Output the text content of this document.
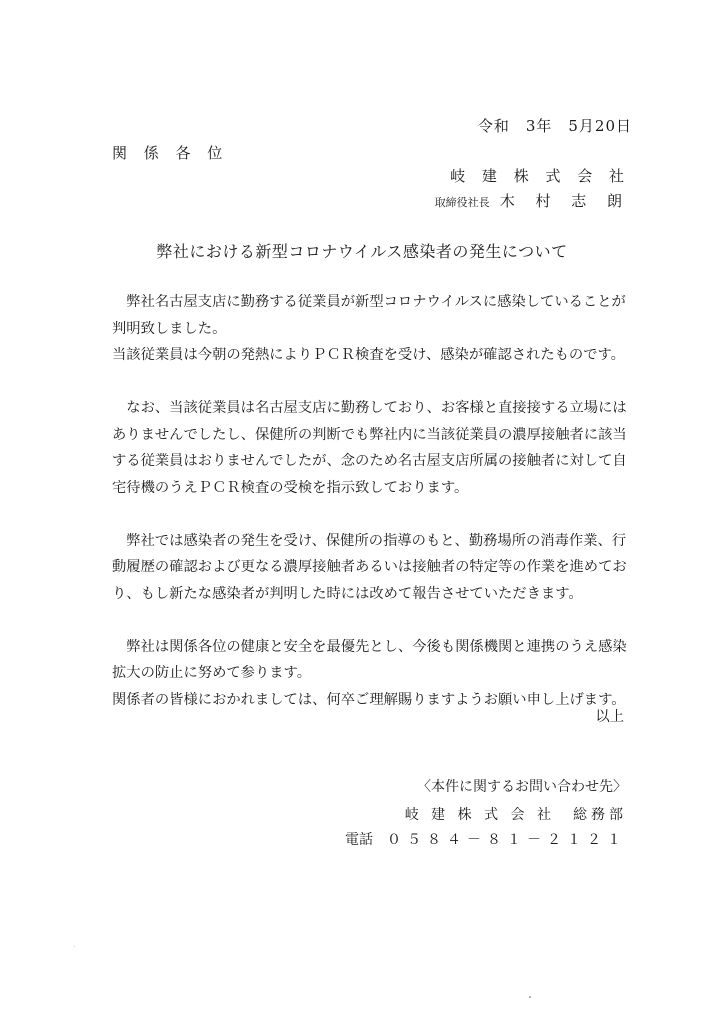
令和　3年　5月20日
関 係 各 位
岐 建 株 式 会 社
取締役社長 木 村 志 朗
弊社における新型コロナウイルス感染者の発生について
弊社名古屋支店に勤務する従業員が新型コロナウイルスに感染していることが
判明致しました。
当該従業員は今朝の発熱によりＰＣＲ検査を受け、感染が確認されたものです。
なお、当該従業員は名古屋支店に勤務しており、お客様と直接接する立場には
ありませんでしたし、保健所の判断でも弊社内に当該従業員の濃厚接触者に該当
する従業員はおりませんでしたが、念のため名古屋支店所属の接触者に対して自
宅待機のうえＰＣＲ検査の受検を指示致しております。
弊社では感染者の発生を受け、保健所の指導のもと、勤務場所の消毒作業、行
動履歴の確認および更なる濃厚接触者あるいは接触者の特定等の作業を進めてお
り、もし新たな感染者が判明した時には改めて報告させていただきます。
弊社は関係各位の健康と安全を最優先とし、今後も関係機関と連携のうえ感染
拡大の防止に努めて参ります。
関係者の皆様におかれましては、何卒ご理解賜りますようお願い申し上げます。
以上
〈本件に関するお問い合わせ先〉
岐 建 株 式 会 社　総務部
電話 ０５８４－８１－２１２１
